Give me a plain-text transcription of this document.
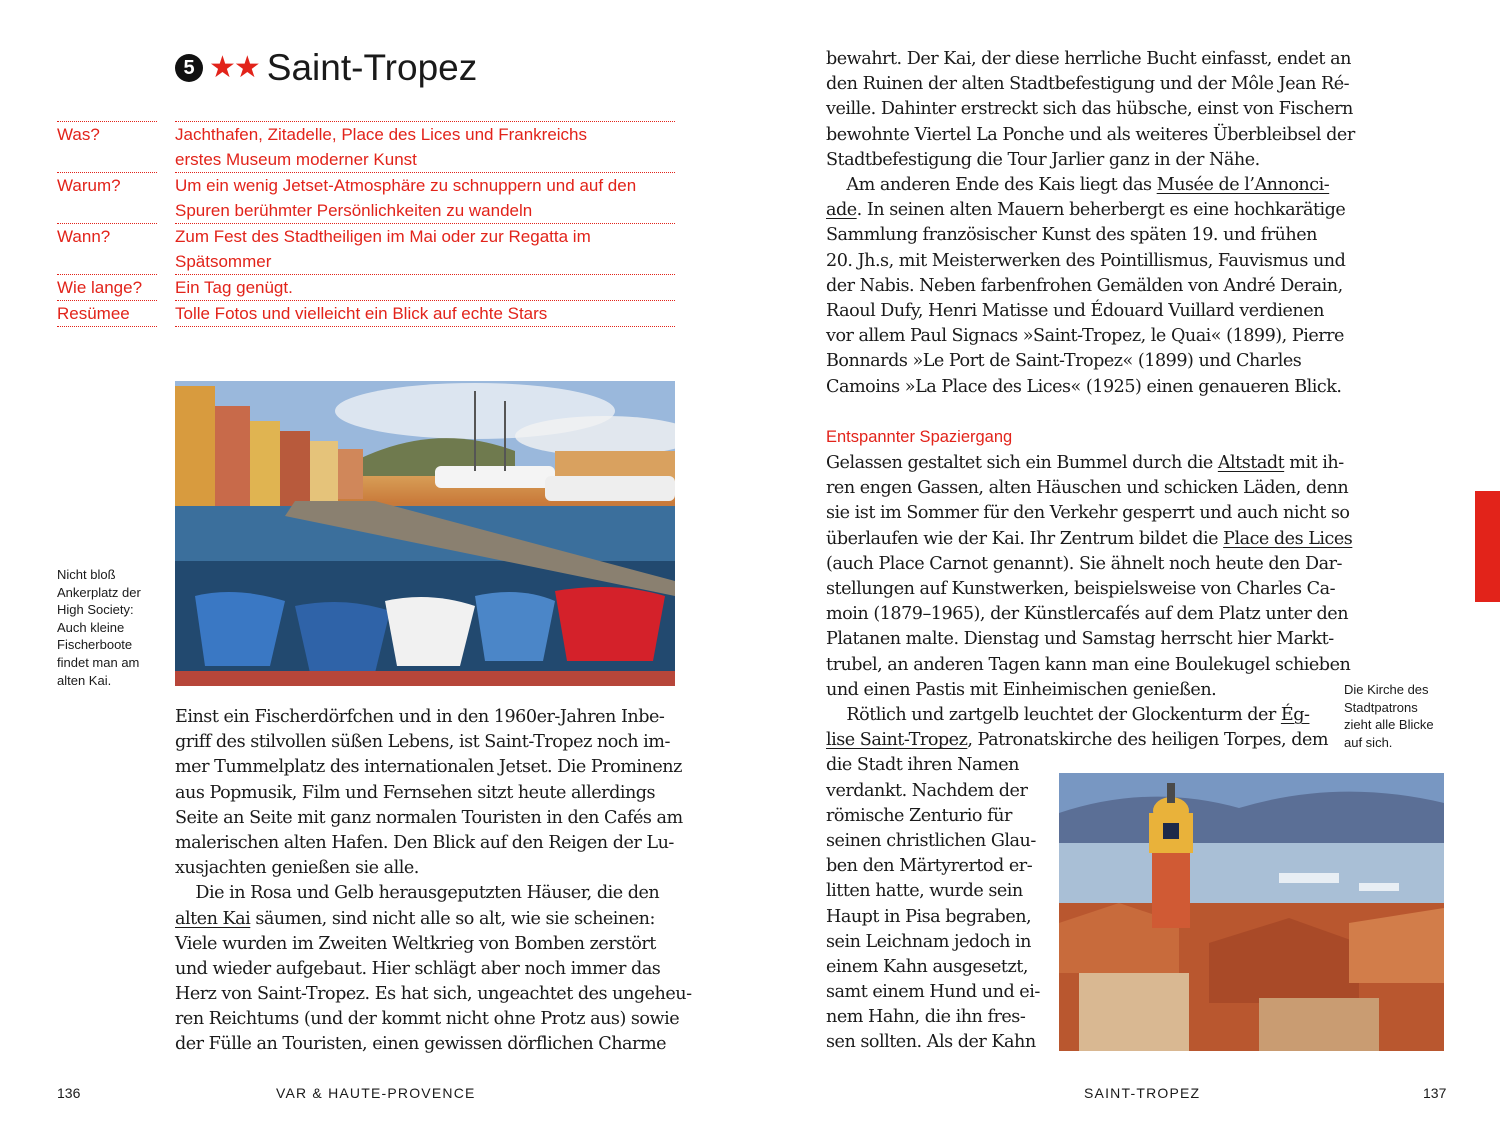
5 ★★ Saint-Tropez
Was?	Jachthafen, Zitadelle, Place des Lices und Frankreichs
erstes Museum moderner Kunst
Warum?	Um ein wenig Jetset-Atmosphäre zu schnuppern und auf den
Spuren berühmter Persönlichkeiten zu wandeln
Wann?	Zum Fest des Stadtheiligen im Mai oder zur Regatta im
Spätsommer
Wie lange?	Ein Tag genügt.
Resümee	Tolle Fotos und vielleicht ein Blick auf echte Stars
Nicht bloß
Ankerplatz der
High Society:
Auch kleine
Fischerboote
findet man am
alten Kai.
Einst ein Fischerdörfchen und in den 1960er-Jahren Inbe-
griff des stilvollen süßen Lebens, ist Saint-Tropez noch im-
mer Tummelplatz des internationalen Jetset. Die Prominenz
aus Popmusik, Film und Fernsehen sitzt heute allerdings
Seite an Seite mit ganz normalen Touristen in den Cafés am
malerischen alten Hafen. Den Blick auf den Reigen der Lu-
xusjachten genießen sie alle.
Die in Rosa und Gelb herausgeputzten Häuser, die den
alten Kai säumen, sind nicht alle so alt, wie sie scheinen:
Viele wurden im Zweiten Weltkrieg von Bomben zerstört
und wieder aufgebaut. Hier schlägt aber noch immer das
Herz von Saint-Tropez. Es hat sich, ungeachtet des ungeheu-
ren Reichtums (und der kommt nicht ohne Protz aus) sowie
der Fülle an Touristen, einen gewissen dörflichen Charme
136	VAR & HAUTE-PROVENCE
bewahrt. Der Kai, der diese herrliche Bucht einfasst, endet an
den Ruinen der alten Stadtbefestigung und der Môle Jean Ré-
veille. Dahinter erstreckt sich das hübsche, einst von Fischern
bewohnte Viertel La Ponche und als weiteres Überbleibsel der
Stadtbefestigung die Tour Jarlier ganz in der Nähe.
Am anderen Ende des Kais liegt das Musée de l’Annonci-
ade. In seinen alten Mauern beherbergt es eine hochkarätige
Sammlung französischer Kunst des späten 19. und frühen
20. Jh.s, mit Meisterwerken des Pointillismus, Fauvismus und
der Nabis. Neben farbenfrohen Gemälden von André Derain,
Raoul Dufy, Henri Matisse und Édouard Vuillard verdienen
vor allem Paul Signacs »Saint-Tropez, le Quai« (1899), Pierre
Bonnards »Le Port de Saint-Tropez« (1899) und Charles
Camoins »La Place des Lices« (1925) einen genaueren Blick.
Entspannter Spaziergang
Gelassen gestaltet sich ein Bummel durch die Altstadt mit ih-
ren engen Gassen, alten Häuschen und schicken Läden, denn
sie ist im Sommer für den Verkehr gesperrt und auch nicht so
überlaufen wie der Kai. Ihr Zentrum bildet die Place des Lices
(auch Place Carnot genannt). Sie ähnelt noch heute den Dar-
stellungen auf Kunstwerken, beispielsweise von Charles Ca-
moin (1879–1965), der Künstlercafés auf dem Platz unter den
Platanen malte. Dienstag und Samstag herrscht hier Markt-
trubel, an anderen Tagen kann man eine Boulekugel schieben
und einen Pastis mit Einheimischen genießen.
Rötlich und zartgelb leuchtet der Glockenturm der Ég-
lise Saint-Tropez, Patronatskirche des heiligen Torpes, dem
die Stadt ihren Namen
verdankt. Nachdem der
römische Zenturio für
seinen christlichen Glau-
ben den Märtyrertod er-
litten hatte, wurde sein
Haupt in Pisa begraben,
sein Leichnam jedoch in
einem Kahn ausgesetzt,
samt einem Hund und ei-
nem Hahn, die ihn fres-
sen sollten. Als der Kahn
Die Kirche des
Stadtpatrons
zieht alle Blicke
auf sich.
SAINT-TROPEZ	137
